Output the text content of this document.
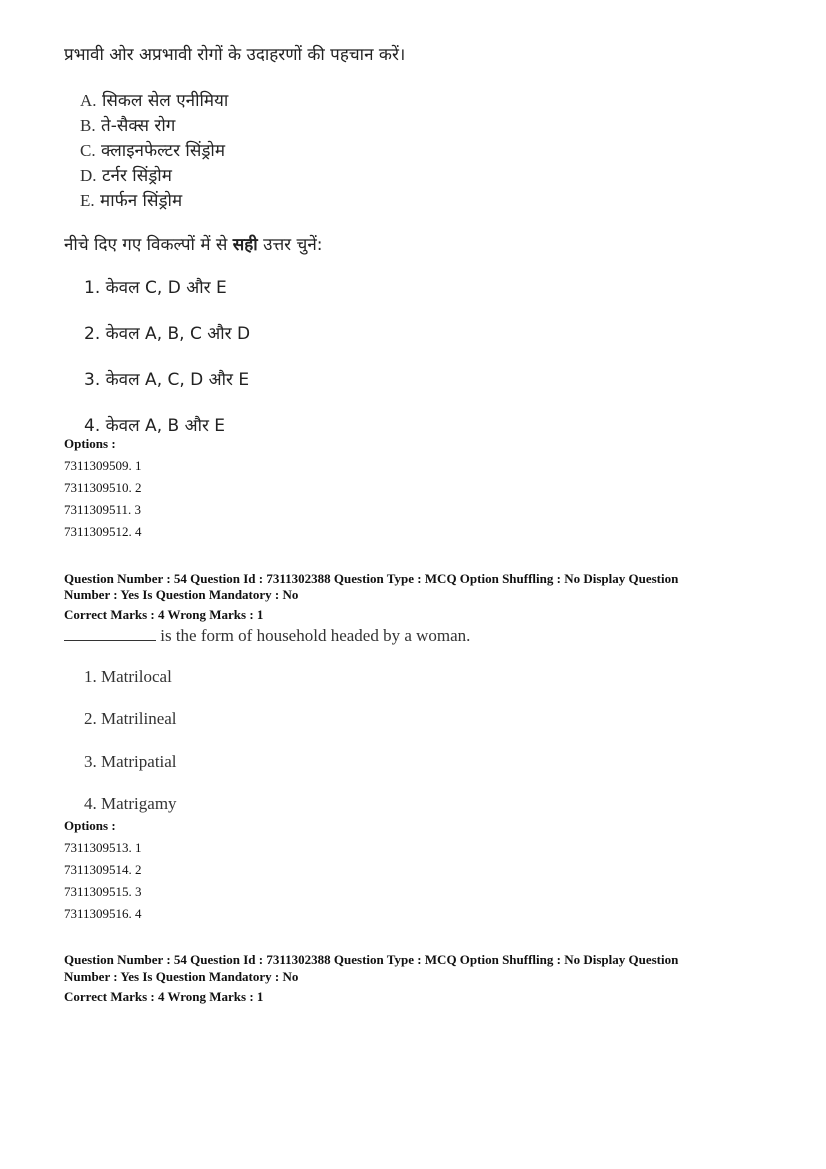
प्रभावी ओर अप्रभावी रोगों के उदाहरणों की पहचान करें।
A. सिकल सेल एनीमिया
B. ते-सैक्स रोग
C. क्लाइनफेल्टर सिंड्रोम
D. टर्नर सिंड्रोम
E. मार्फन सिंड्रोम
नीचे दिए गए विकल्पों में से सही उत्तर चुनें:
1. केवल C, D और E
2. केवल A, B, C और D
3. केवल A, C, D और E
4. केवल A, B और E
Options :
7311309509. 1
7311309510. 2
7311309511. 3
7311309512. 4
Question Number : 54 Question Id : 7311302388 Question Type : MCQ Option Shuffling : No Display Question
Number : Yes Is Question Mandatory : No
Correct Marks : 4 Wrong Marks : 1
is the form of household headed by a woman.
1. Matrilocal
2. Matrilineal
3. Matripatial
4. Matrigamy
Options :
7311309513. 1
7311309514. 2
7311309515. 3
7311309516. 4
Question Number : 54 Question Id : 7311302388 Question Type : MCQ Option Shuffling : No Display Question
Number : Yes Is Question Mandatory : No
Correct Marks : 4 Wrong Marks : 1
